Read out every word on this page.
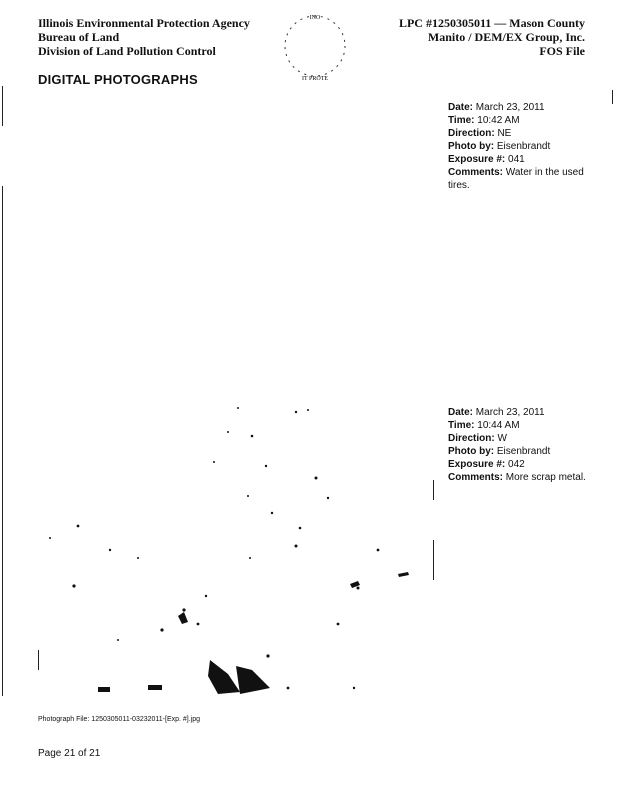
Illinois Environmental Protection Agency
Bureau of Land
Division of Land Pollution Control
INO
IT PROTE
LPC #1250305011 — Mason County
Manito / DEM/EX Group, Inc.
FOS File
DIGITAL PHOTOGRAPHS
Date: March 23, 2011
Time: 10:42 AM
Direction: NE
Photo by: Eisenbrandt
Exposure #: 041
Comments: Water in the used tires.
Date: March 23, 2011
Time: 10:44 AM
Direction: W
Photo by: Eisenbrandt
Exposure #: 042
Comments: More scrap metal.
Photograph File: 1250305011-03232011-[Exp. #].jpg
Page 21 of 21
